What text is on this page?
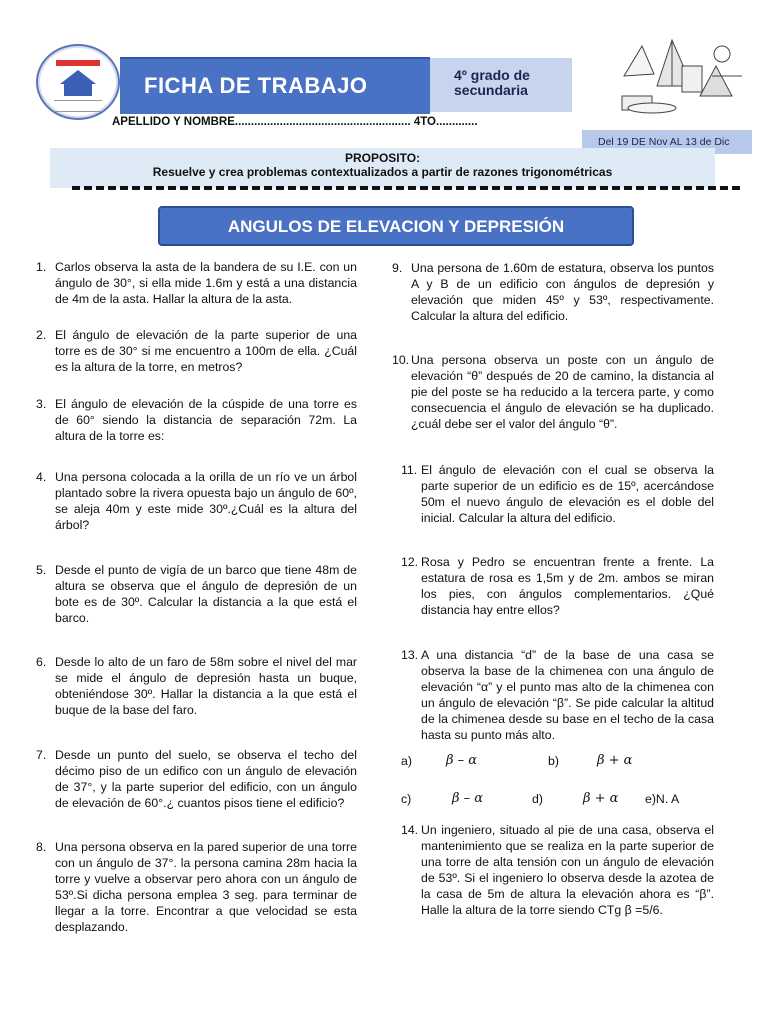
FICHA DE TRABAJO	4º grado de
secundaria
APELLIDO Y NOMBRE....................................................... 4TO.............
Del 19 DE Nov AL 13 de Dic
PROPOSITO:
Resuelve y crea problemas contextualizados a partir de razones trigonométricas
ANGULOS DE ELEVACION Y DEPRESIÓN
1. Carlos observa la asta de la bandera de su I.E. con un ángulo de 30°, si ella mide 1.6m y está a una distancia de 4m de la asta. Hallar la altura de la asta.
2. El ángulo de elevación de la parte superior de una torre es de 30° si me encuentro a 100m de ella. ¿Cuál es la altura de la torre, en metros?
3. El ángulo de elevación de la cúspide de una torre es de 60° siendo la distancia de separación 72m. La altura de la torre es:
4. Una persona colocada a la orilla de un río ve un árbol plantado sobre la rivera opuesta bajo un ángulo de 60º, se aleja 40m y este mide 30º.¿Cuál es la altura del árbol?
5. Desde el punto de vigía de un barco que tiene 48m de altura se observa que el ángulo de depresión de un bote es de 30º. Calcular la distancia a la que está el barco.
6. Desde lo alto de un faro de 58m sobre el nivel del mar se mide el ángulo de depresión hasta un buque, obteniéndose 30º. Hallar la distancia a la que está el buque de la base del faro.
7. Desde un punto del suelo, se observa el techo del décimo piso de un edifico con un ángulo de elevación de 37°, y la parte superior del edificio, con un ángulo de elevación de 60°.¿ cuantos pisos tiene el edificio?
8. Una persona observa en la pared superior de una torre con un ángulo de 37°. la persona camina 28m hacia la torre y vuelve a observar pero ahora con un ángulo de 53º.Si dicha persona emplea 3 seg. para terminar de llegar a la torre. Encontrar a que velocidad se esta desplazando.
9. Una persona de 1.60m de estatura, observa los puntos A y B de un edificio con ángulos de depresión y elevación que miden 45º y 53º, respectivamente. Calcular la altura del edificio.
10. Una persona observa un poste con un ángulo de elevación “θ” después de 20 de camino, la distancia al pie del poste se ha reducido a la tercera parte, y como consecuencia el ángulo de elevación se ha duplicado. ¿cuál debe ser el valor del ángulo “θ”.
11. El ángulo de elevación con el cual se observa la parte superior de un edificio es de 15º, acercándose 50m el nuevo ángulo de elevación es el doble del inicial. Calcular la altura del edificio.
12. Rosa y Pedro se encuentran frente a frente. La estatura de rosa es 1,5m y de 2m. ambos se miran los pies, con ángulos complementarios. ¿Qué distancia hay entre ellos?
13. A una distancia “d” de la base de una casa se observa la base de la chimenea con una ángulo de elevación “α” y el punto mas alto de la chimenea con un ángulo de elevación “β”. Se pide calcular la altitud de la chimenea desde su base en el techo de la casa hasta su punto más alto.
a)	β – α	b)	β + α
c)	β – α	d)	β + α e)N. A
14. Un ingeniero, situado al pie de una casa, observa el mantenimiento que se realiza en la parte superior de una torre de alta tensión con un ángulo de elevación de 53º. Si el ingeniero lo observa desde la azotea de la casa de 5m de altura la elevación ahora es “β”. Halle la altura de la torre siendo CTg β =5/6.
